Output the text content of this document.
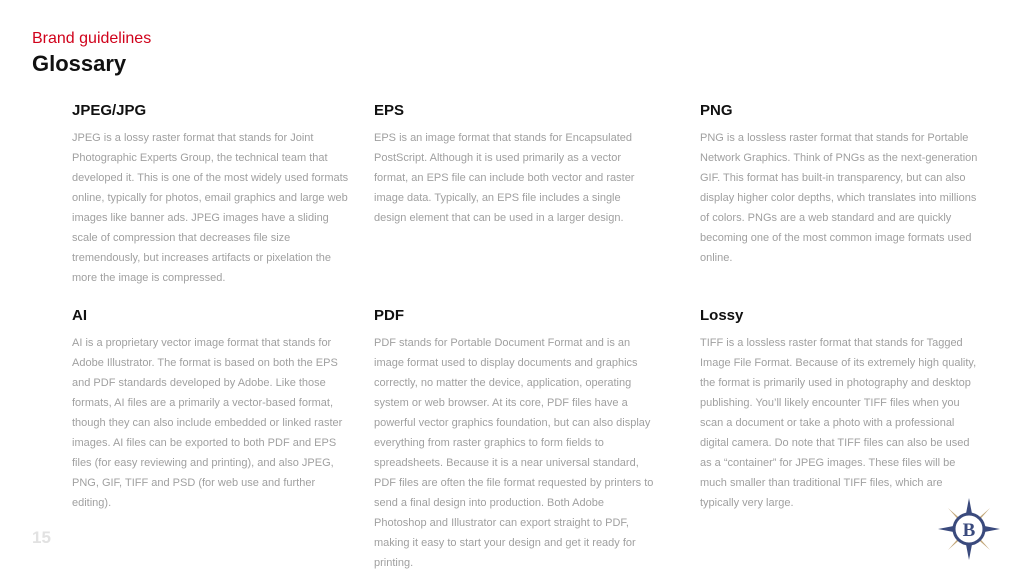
Brand guidelines

Glossary
JPEG/JPG

JPEG is a lossy raster format that stands for Joint Photographic Experts Group, the technical team that developed it. This is one of the most widely used formats online, typically for photos, email graphics and large web images like banner ads. JPEG images have a sliding scale of compression that decreases file size tremendously, but increases artifacts or pixelation the more the image is compressed.

EPS

EPS is an image format that stands for Encapsulated PostScript. Although it is used primarily as a vector format, an EPS file can include both vector and raster image data. Typically, an EPS file includes a single design element that can be used in a larger design.

PNG

PNG is a lossless raster format that stands for Portable Network Graphics. Think of PNGs as the next-generation GIF. This format has built-in transparency, but can also display higher color depths, which translates into millions of colors. PNGs are a web standard and are quickly becoming one of the most common image formats used online.

AI

AI is a proprietary vector image format that stands for Adobe Illustrator. The format is based on both the EPS and PDF standards developed by Adobe. Like those formats, AI files are a primarily a vector-based format, though they can also include embedded or linked raster images. AI files can be exported to both PDF and EPS files (for easy reviewing and printing), and also JPEG, PNG, GIF, TIFF and PSD (for web use and further editing).

PDF

PDF stands for Portable Document Format and is an image format used to display documents and graphics correctly, no matter the device, application, operating system or web browser. At its core, PDF files have a powerful vector graphics foundation, but can also display everything from raster graphics to form fields to spreadsheets. Because it is a near universal standard, PDF files are often the file format requested by printers to send a final design into production. Both Adobe Photoshop and Illustrator can export straight to PDF, making it easy to start your design and get it ready for printing.

Lossy

TIFF is a lossless raster format that stands for Tagged Image File Format. Because of its extremely high quality, the format is primarily used in photography and desktop publishing. You’ll likely encounter TIFF files when you scan a document or take a photo with a professional digital camera. Do note that TIFF files can also be used as a “container” for JPEG images. These files will be much smaller than traditional TIFF files, which are typically very large.

15	B
